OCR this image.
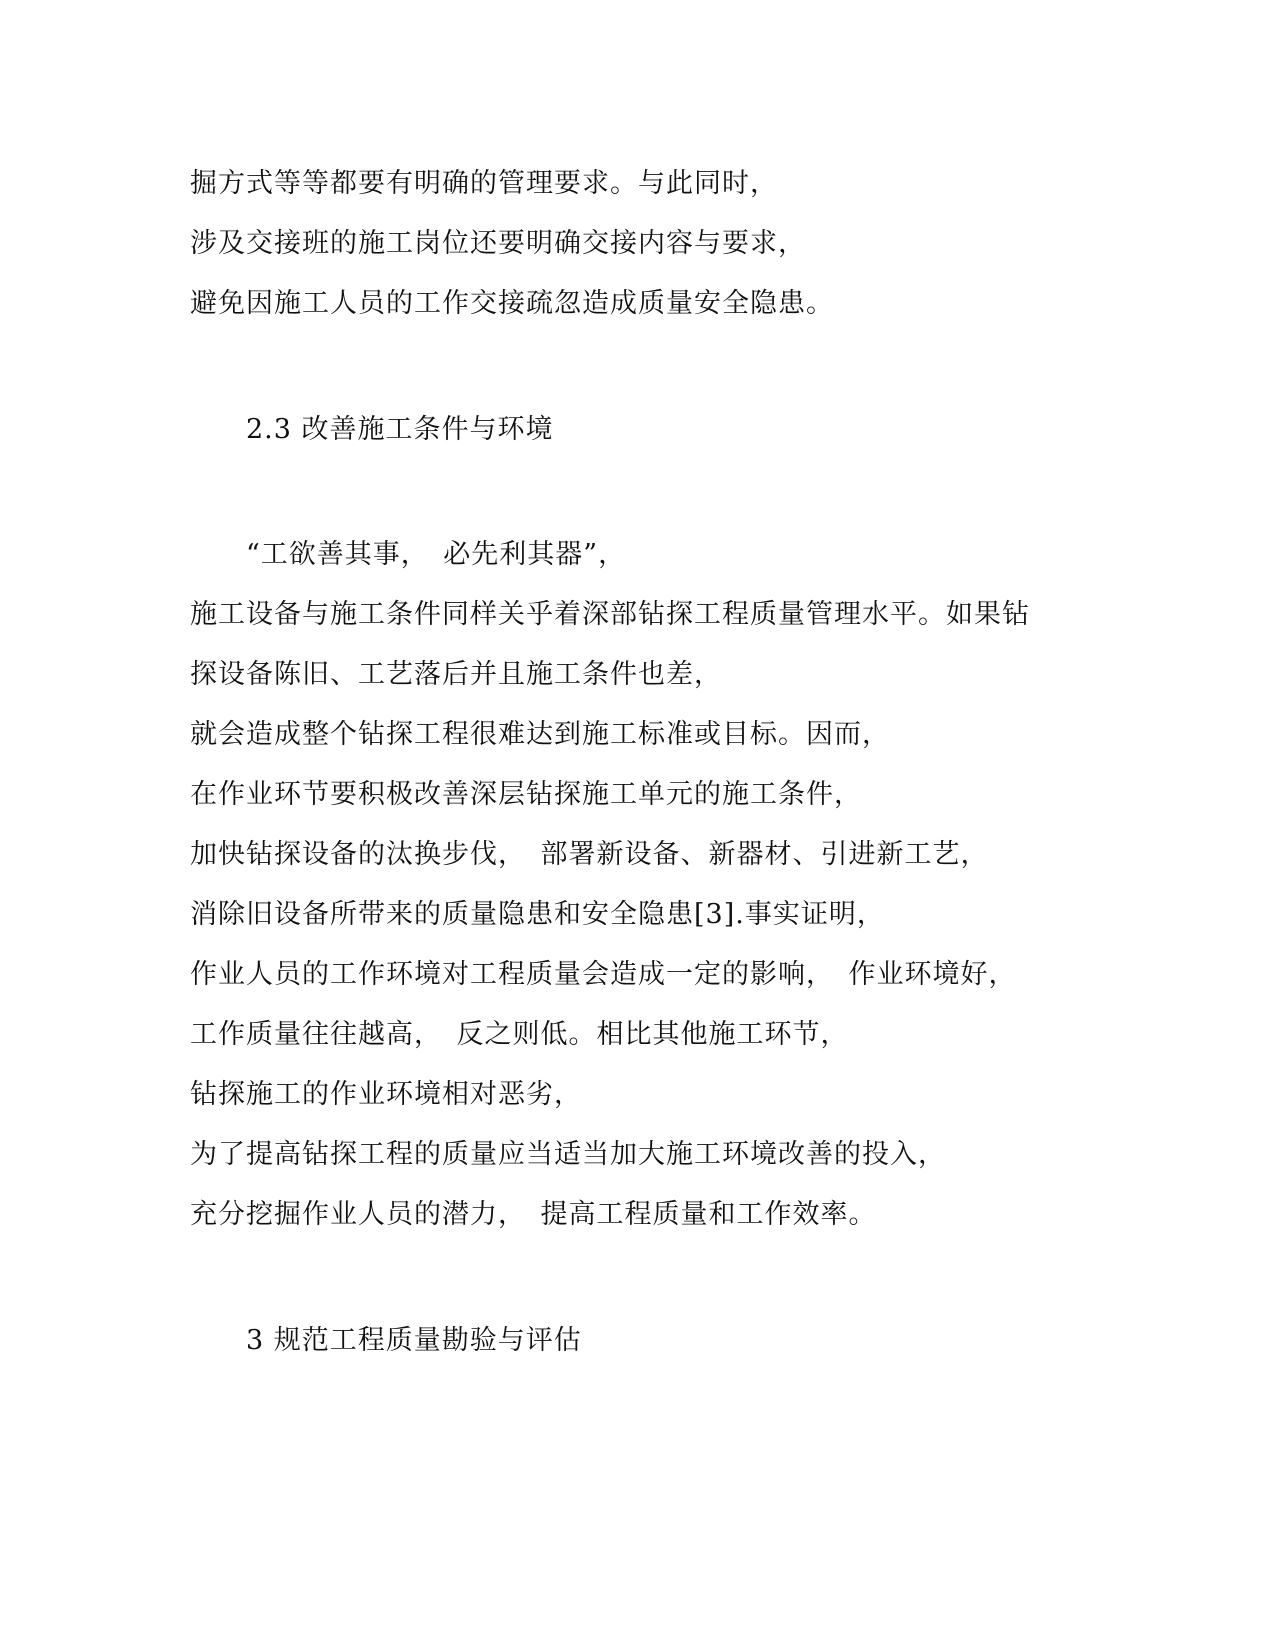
掘方式等等都要有明确的管理要求。与此同时，
涉及交接班的施工岗位还要明确交接内容与要求，
避免因施工人员的工作交接疏忽造成质量安全隐患。
2.3 改善施工条件与环境
“工欲善其事，　必先利其器”，
施工设备与施工条件同样关乎着深部钻探工程质量管理水平。如果钻
探设备陈旧、工艺落后并且施工条件也差，
就会造成整个钻探工程很难达到施工标准或目标。因而，
在作业环节要积极改善深层钻探施工单元的施工条件，
加快钻探设备的汰换步伐，　部署新设备、新器材、引进新工艺，
消除旧设备所带来的质量隐患和安全隐患[3].事实证明，
作业人员的工作环境对工程质量会造成一定的影响，　作业环境好，
工作质量往往越高，　反之则低。相比其他施工环节，
钻探施工的作业环境相对恶劣，
为了提高钻探工程的质量应当适当加大施工环境改善的投入，
充分挖掘作业人员的潜力，　提高工程质量和工作效率。
3 规范工程质量勘验与评估
